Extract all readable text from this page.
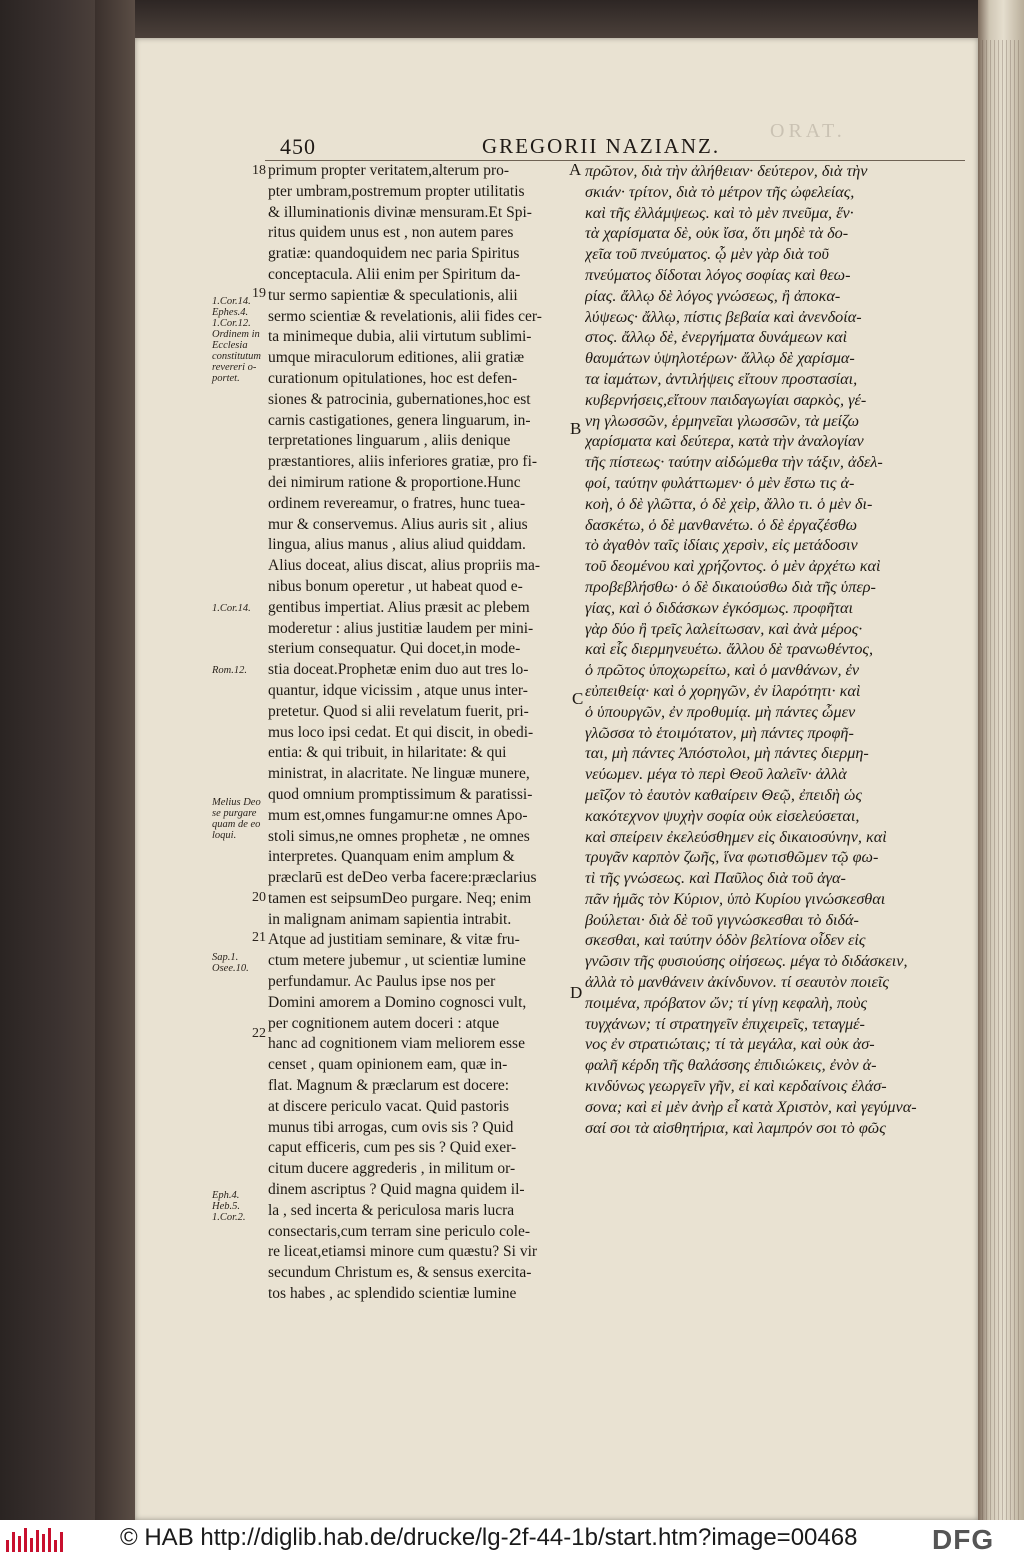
ORAT.
450	GREGORII NAZIANZ.
18
19
20
21
22
1.Cor.14. Ephes.4. 1.Cor.12. Ordinem in Ecclesia constitutum revereri o- portet.
1.Cor.14.
Rom.12.
Melius Deo se purgare quam de eo loqui.
Sap.1. Osee.10.
Eph.4. Heb.5. 1.Cor.2.
A
B
C
D
primum propter veritatem,alterum pro-
pter umbram,postremum propter utilitatis
& illuminationis divinæ mensuram.Et Spi-
ritus quidem unus est , non autem pares
gratiæ: quandoquidem nec paria Spiritus
conceptacula. Alii enim per Spiritum da-
tur sermo sapientiæ & speculationis, alii
sermo scientiæ & revelationis, alii fides cer-
ta minimeque dubia, alii virtutum sublimi-
umque miraculorum editiones, alii gratiæ
curationum opitulationes, hoc est defen-
siones & patrocinia, gubernationes,hoc est
carnis castigationes, genera linguarum, in-
terpretationes linguarum , aliis denique
præstantiores, aliis inferiores gratiæ, pro fi-
dei nimirum ratione & proportione.Hunc
ordinem revereamur, o fratres, hunc tuea-
mur & conservemus. Alius auris sit , alius
lingua, alius manus , alius aliud quiddam.
Alius doceat, alius discat, alius propriis ma-
nibus bonum operetur , ut habeat quod e-
gentibus impertiat. Alius præsit ac plebem
moderetur : alius justitiæ laudem per mini-
sterium consequatur. Qui docet,in mode-
stia doceat.Prophetæ enim duo aut tres lo-
quantur, idque vicissim , atque unus inter-
pretetur. Quod si alii revelatum fuerit, pri-
mus loco ipsi cedat. Et qui discit, in obedi-
entia: & qui tribuit, in hilaritate: & qui
ministrat, in alacritate. Ne linguæ munere,
quod omnium promptissimum & paratissi-
mum est,omnes fungamur:ne omnes Apo-
stoli simus,ne omnes prophetæ , ne omnes
interpretes. Quanquam enim amplum &
præclarū est deDeo verba facere:præclarius
tamen est seipsumDeo purgare. Neq; enim
in malignam animam sapientia intrabit.
Atque ad justitiam seminare, & vitæ fru-
ctum metere jubemur , ut scientiæ lumine
perfundamur. Ac Paulus ipse nos per
Domini amorem a Domino cognosci vult,
per cognitionem autem doceri : atque
hanc ad cognitionem viam meliorem esse
censet , quam opinionem eam, quæ in-
flat. Magnum & præclarum est docere:
at discere periculo vacat. Quid pastoris
munus tibi arrogas, cum ovis sis ? Quid
caput efficeris, cum pes sis ? Quid exer-
citum ducere aggrederis , in militum or-
dinem ascriptus ? Quid magna quidem il-
la , sed incerta & periculosa maris lucra
consectaris,cum terram sine periculo cole-
re liceat,etiamsi minore cum quæstu? Si vir
secundum Christum es, & sensus exercita-
tos habes , ac splendido scientiæ lumine
πρῶτον, διὰ τὴν ἀλήθειαν· δεύτερον, διὰ τὴν
σκιάν· τρίτον, διὰ τὸ μέτρον τῆς ὠφελείας,
καὶ τῆς ἐλλάμψεως. καὶ τὸ μὲν πνεῦμα, ἕν·
τὰ χαρίσματα δὲ, οὐκ ἴσα, ὅτι μηδὲ τὰ δο-
χεῖα τοῦ πνεύματος. ᾧ μὲν γὰρ διὰ τοῦ
πνεύματος δίδοται λόγος σοφίας καὶ θεω-
ρίας. ἄλλῳ δὲ λόγος γνώσεως, ἢ ἀποκα-
λύψεως· ἄλλῳ, πίστις βεβαία καὶ ἀνενδοία-
στος. ἄλλῳ δὲ, ἐνεργήματα δυνάμεων καὶ
θαυμάτων ὑψηλοτέρων· ἄλλῳ δὲ χαρίσμα-
τα ἰαμάτων, ἀντιλήψεις εἴτουν προστασίαι,
κυβερνήσεις,εἴτουν παιδαγωγίαι σαρκὸς, γέ-
νη γλωσσῶν, ἑρμηνεῖαι γλωσσῶν, τὰ μείζω
χαρίσματα καὶ δεύτερα, κατὰ τὴν ἀναλογίαν
τῆς πίστεως· ταύτην αἰδώμεθα τὴν τάξιν, ἀδελ-
φοί, ταύτην φυλάττωμεν· ὁ μὲν ἔστω τις ἀ-
κοὴ, ὁ δὲ γλῶττα, ὁ δὲ χεὶρ, ἄλλο τι. ὁ μὲν δι-
δασκέτω, ὁ δὲ μανθανέτω. ὁ δὲ ἐργαζέσθω
τὸ ἀγαθὸν ταῖς ἰδίαις χερσὶν, εἰς μετάδοσιν
τοῦ δεομένου καὶ χρήζοντος. ὁ μὲν ἀρχέτω καὶ
προβεβλήσθω· ὁ δὲ δικαιούσθω διὰ τῆς ὑπερ-
γίας, καὶ ὁ διδάσκων ἐγκόσμως. προφῆται
γὰρ δύο ἢ τρεῖς λαλείτωσαν, καὶ ἀνὰ μέρος·
καὶ εἷς διερμηνευέτω. ἄλλου δὲ τρανωθέντος,
ὁ πρῶτος ὑποχωρείτω, καὶ ὁ μανθάνων, ἐν
εὐπειθείᾳ· καὶ ὁ χορηγῶν, ἐν ἱλαρότητι· καὶ
ὁ ὑπουργῶν, ἐν προθυμίᾳ. μὴ πάντες ὦμεν
γλῶσσα τὸ ἑτοιμότατον, μὴ πάντες προφῆ-
ται, μὴ πάντες Ἀπόστολοι, μὴ πάντες διερμη-
νεύωμεν. μέγα τὸ περὶ Θεοῦ λαλεῖν· ἀλλὰ
μεῖζον τὸ ἑαυτὸν καθαίρειν Θεῷ, ἐπειδὴ ὡς
κακότεχνον ψυχὴν σοφία οὐκ εἰσελεύσεται,
καὶ σπείρειν ἐκελεύσθημεν εἰς δικαιοσύνην, καὶ
τρυγᾶν καρπὸν ζωῆς, ἵνα φωτισθῶμεν τῷ φω-
τὶ τῆς γνώσεως. καὶ Παῦλος διὰ τοῦ ἀγα-
πᾶν ἡμᾶς τὸν Κύριον, ὑπὸ Κυρίου γινώσκεσθαι
βούλεται· διὰ δὲ τοῦ γιγνώσκεσθαι τὸ διδά-
σκεσθαι, καὶ ταύτην ὁδὸν βελτίονα οἶδεν εἰς
γνῶσιν τῆς φυσιούσης οἰήσεως. μέγα τὸ διδάσκειν,
ἀλλὰ τὸ μανθάνειν ἀκίνδυνον. τί σεαυτὸν ποιεῖς
ποιμένα, πρόβατον ὤν; τί γίνῃ κεφαλὴ, ποὺς
τυγχάνων; τί στρατηγεῖν ἐπιχειρεῖς, τεταγμέ-
νος ἐν στρατιώταις; τί τὰ μεγάλα, καὶ οὐκ ἀσ-
φαλῆ κέρδη τῆς θαλάσσης ἐπιδιώκεις, ἐνὸν ἀ-
κινδύνως γεωργεῖν γῆν, εἰ καὶ κερδαίνοις ἐλάσ-
σονα; καὶ εἰ μὲν ἀνὴρ εἶ κατὰ Χριστὸν, καὶ γεγύμνα-
σαί σοι τὰ αἰσθητήρια, καὶ λαμπρόν σοι τὸ φῶς
© HAB http://diglib.hab.de/drucke/lg-2f-44-1b/start.htm?image=00468	DFG
